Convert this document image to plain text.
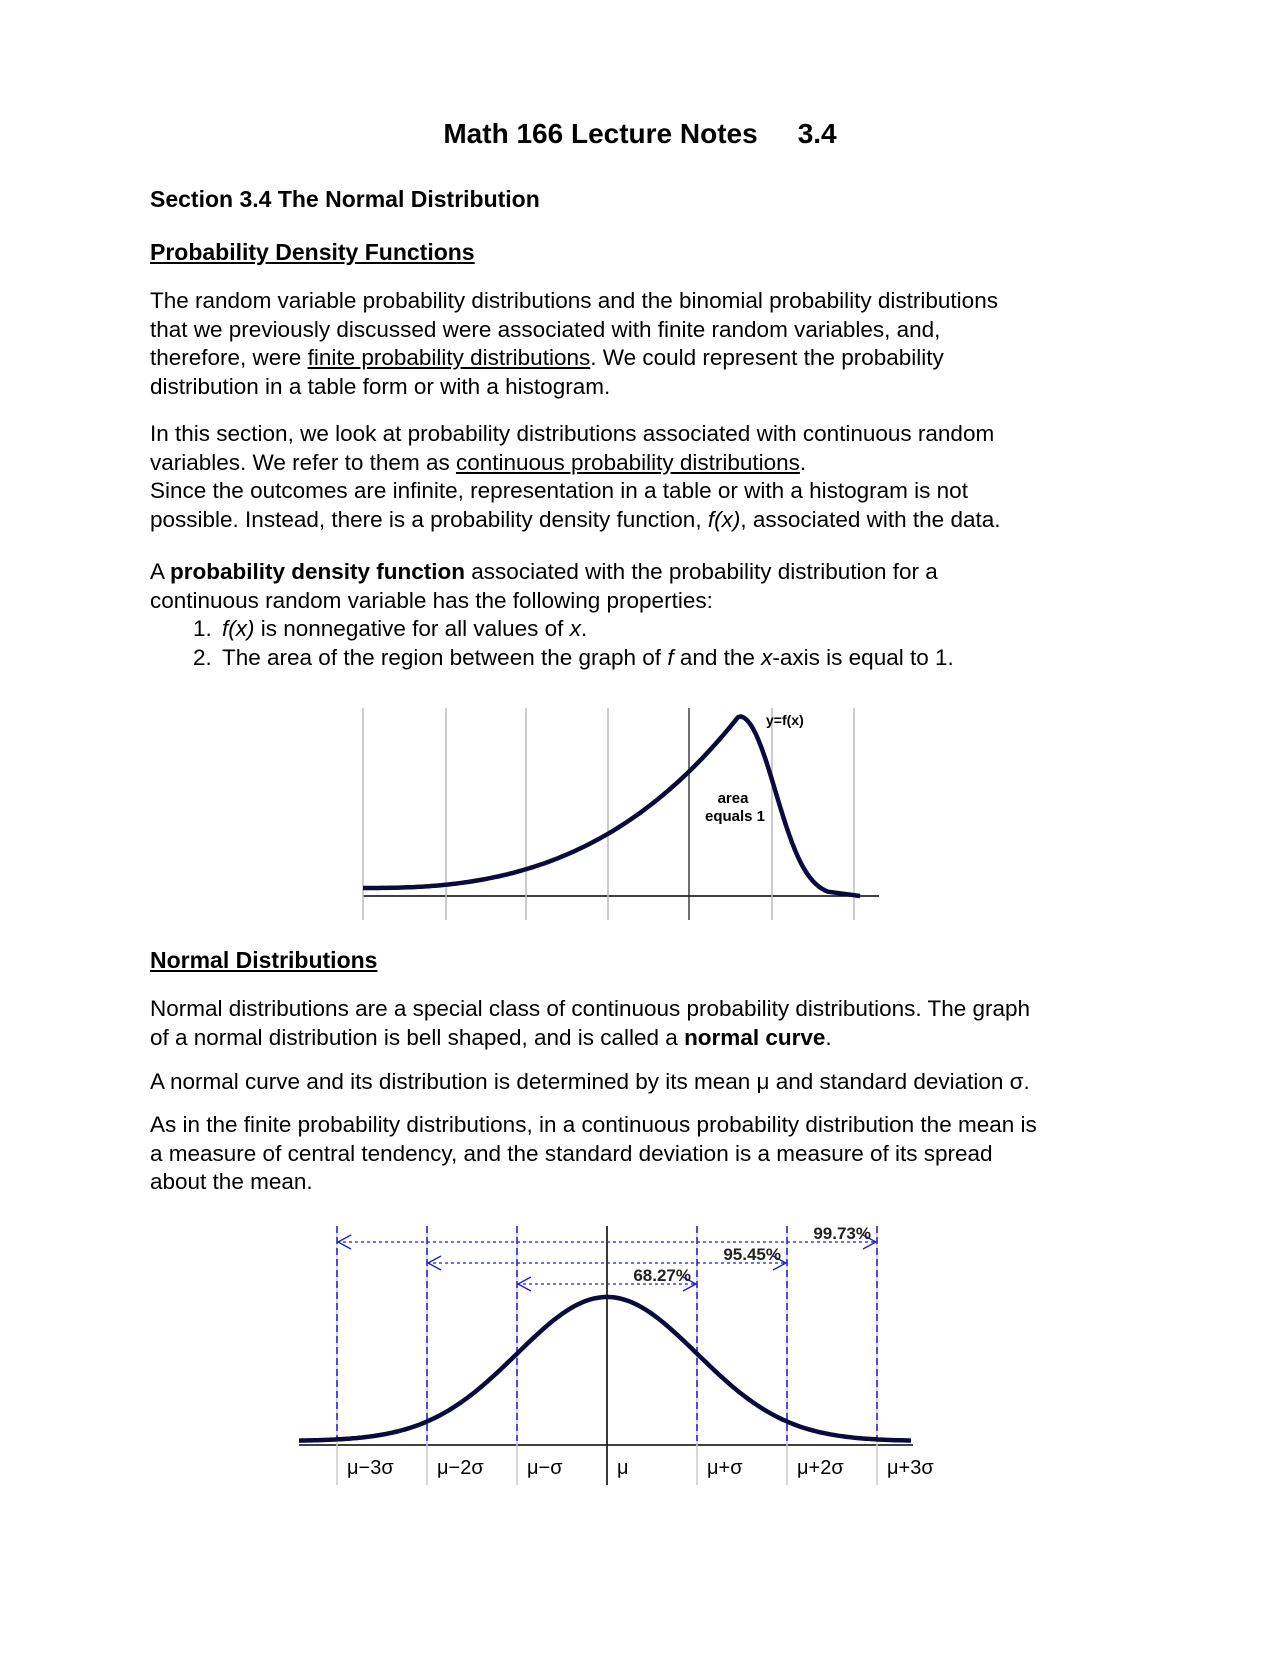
Math 166 Lecture Notes 3.4
Section 3.4 The Normal Distribution
Probability Density Functions
The random variable probability distributions and the binomial probability distributions
that we previously discussed were associated with finite random variables, and,
therefore, were finite probability distributions. We could represent the probability
distribution in a table form or with a histogram.
In this section, we look at probability distributions associated with continuous random
variables. We refer to them as continuous probability distributions.
Since the outcomes are infinite, representation in a table or with a histogram is not
possible. Instead, there is a probability density function, f(x), associated with the data.
A probability density function associated with the probability distribution for a
continuous random variable has the following properties:
1. f(x) is nonnegative for all values of x.
2. The area of the region between the graph of f and the x-axis is equal to 1.
area
equals 1
y=f(x)
μ−3σ μ−2σ μ−σ	μ	μ+σ	μ+2σ μ+3σ
68.27%
95.45%
99.73%
Normal Distributions
Normal distributions are a special class of continuous probability distributions. The graph
of a normal distribution is bell shaped, and is called a normal curve.
A normal curve and its distribution is determined by its mean μ and standard deviation σ.
As in the finite probability distributions, in a continuous probability distribution the mean is
a measure of central tendency, and the standard deviation is a measure of its spread
about the mean.
